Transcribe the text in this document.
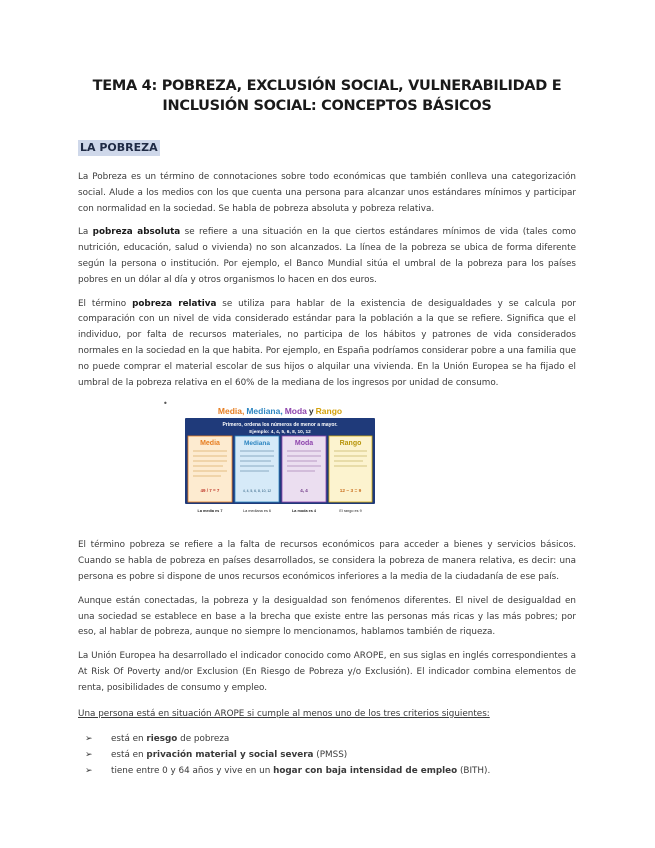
TEMA 4: POBREZA, EXCLUSIÓN SOCIAL, VULNERABILIDAD E
INCLUSIÓN SOCIAL: CONCEPTOS BÁSICOS
LA POBREZA

La Pobreza es un término de connotaciones sobre todo económicas que también conlleva una categorización social. Alude a los medios con los que cuenta una persona para alcanzar unos estándares mínimos y participar con normalidad en la sociedad. Se habla de pobreza absoluta y pobreza relativa.

La pobreza absoluta se refiere a una situación en la que ciertos estándares mínimos de vida (tales como nutrición, educación, salud o vivienda) no son alcanzados. La línea de la pobreza se ubica de forma diferente según la persona o institución. Por ejemplo, el Banco Mundial sitúa el umbral de la pobreza para los países pobres en un dólar al día y otros organismos lo hacen en dos euros.

El término pobreza relativa se utiliza para hablar de la existencia de desigualdades y se calcula por comparación con un nivel de vida considerado estándar para la población a la que se refiere. Significa que el individuo, por falta de recursos materiales, no participa de los hábitos y patrones de vida considerados normales en la sociedad en la que habita. Por ejemplo, en España podríamos considerar pobre a una familia que no puede comprar el material escolar de sus hijos o alquilar una vivienda. En la Unión Europea se ha fijado el umbral de la pobreza relativa en el 60% de la mediana de los ingresos por unidad de consumo.

•
Media, Mediana, Moda y Rango
Primero, ordena los números de menor a mayor.
Ejemplo: 4, 4, 5, 6, 8, 10, 12
Media
49 / 7 = 7
Mediana
4, 4, 5, 6, 8, 10, 12
Moda
4, 4
Rango
12 − 3 = 9
La media es 7	La mediana es 6	La moda es 4	El rango es 9

El término pobreza se refiere a la falta de recursos económicos para acceder a bienes y servicios básicos. Cuando se habla de pobreza en países desarrollados, se considera la pobreza de manera relativa, es decir: una persona es pobre si dispone de unos recursos económicos inferiores a la media de la ciudadanía de ese país.

Aunque están conectadas, la pobreza y la desigualdad son fenómenos diferentes. El nivel de desigualdad en una sociedad se establece en base a la brecha que existe entre las personas más ricas y las más pobres; por eso, al hablar de pobreza, aunque no siempre lo mencionamos, hablamos también de riqueza.

La Unión Europea ha desarrollado el indicador conocido como AROPE, en sus siglas en inglés correspondientes a At Risk Of Poverty and/or Exclusion (En Riesgo de Pobreza y/o Exclusión). El indicador combina elementos de renta, posibilidades de consumo y empleo.

Una persona está en situación AROPE si cumple al menos uno de los tres criterios siguientes:
➢ está en riesgo de pobreza
➢ está en privación material y social severa (PMSS)
➢ tiene entre 0 y 64 años y vive en un hogar con baja intensidad de empleo (BITH).
